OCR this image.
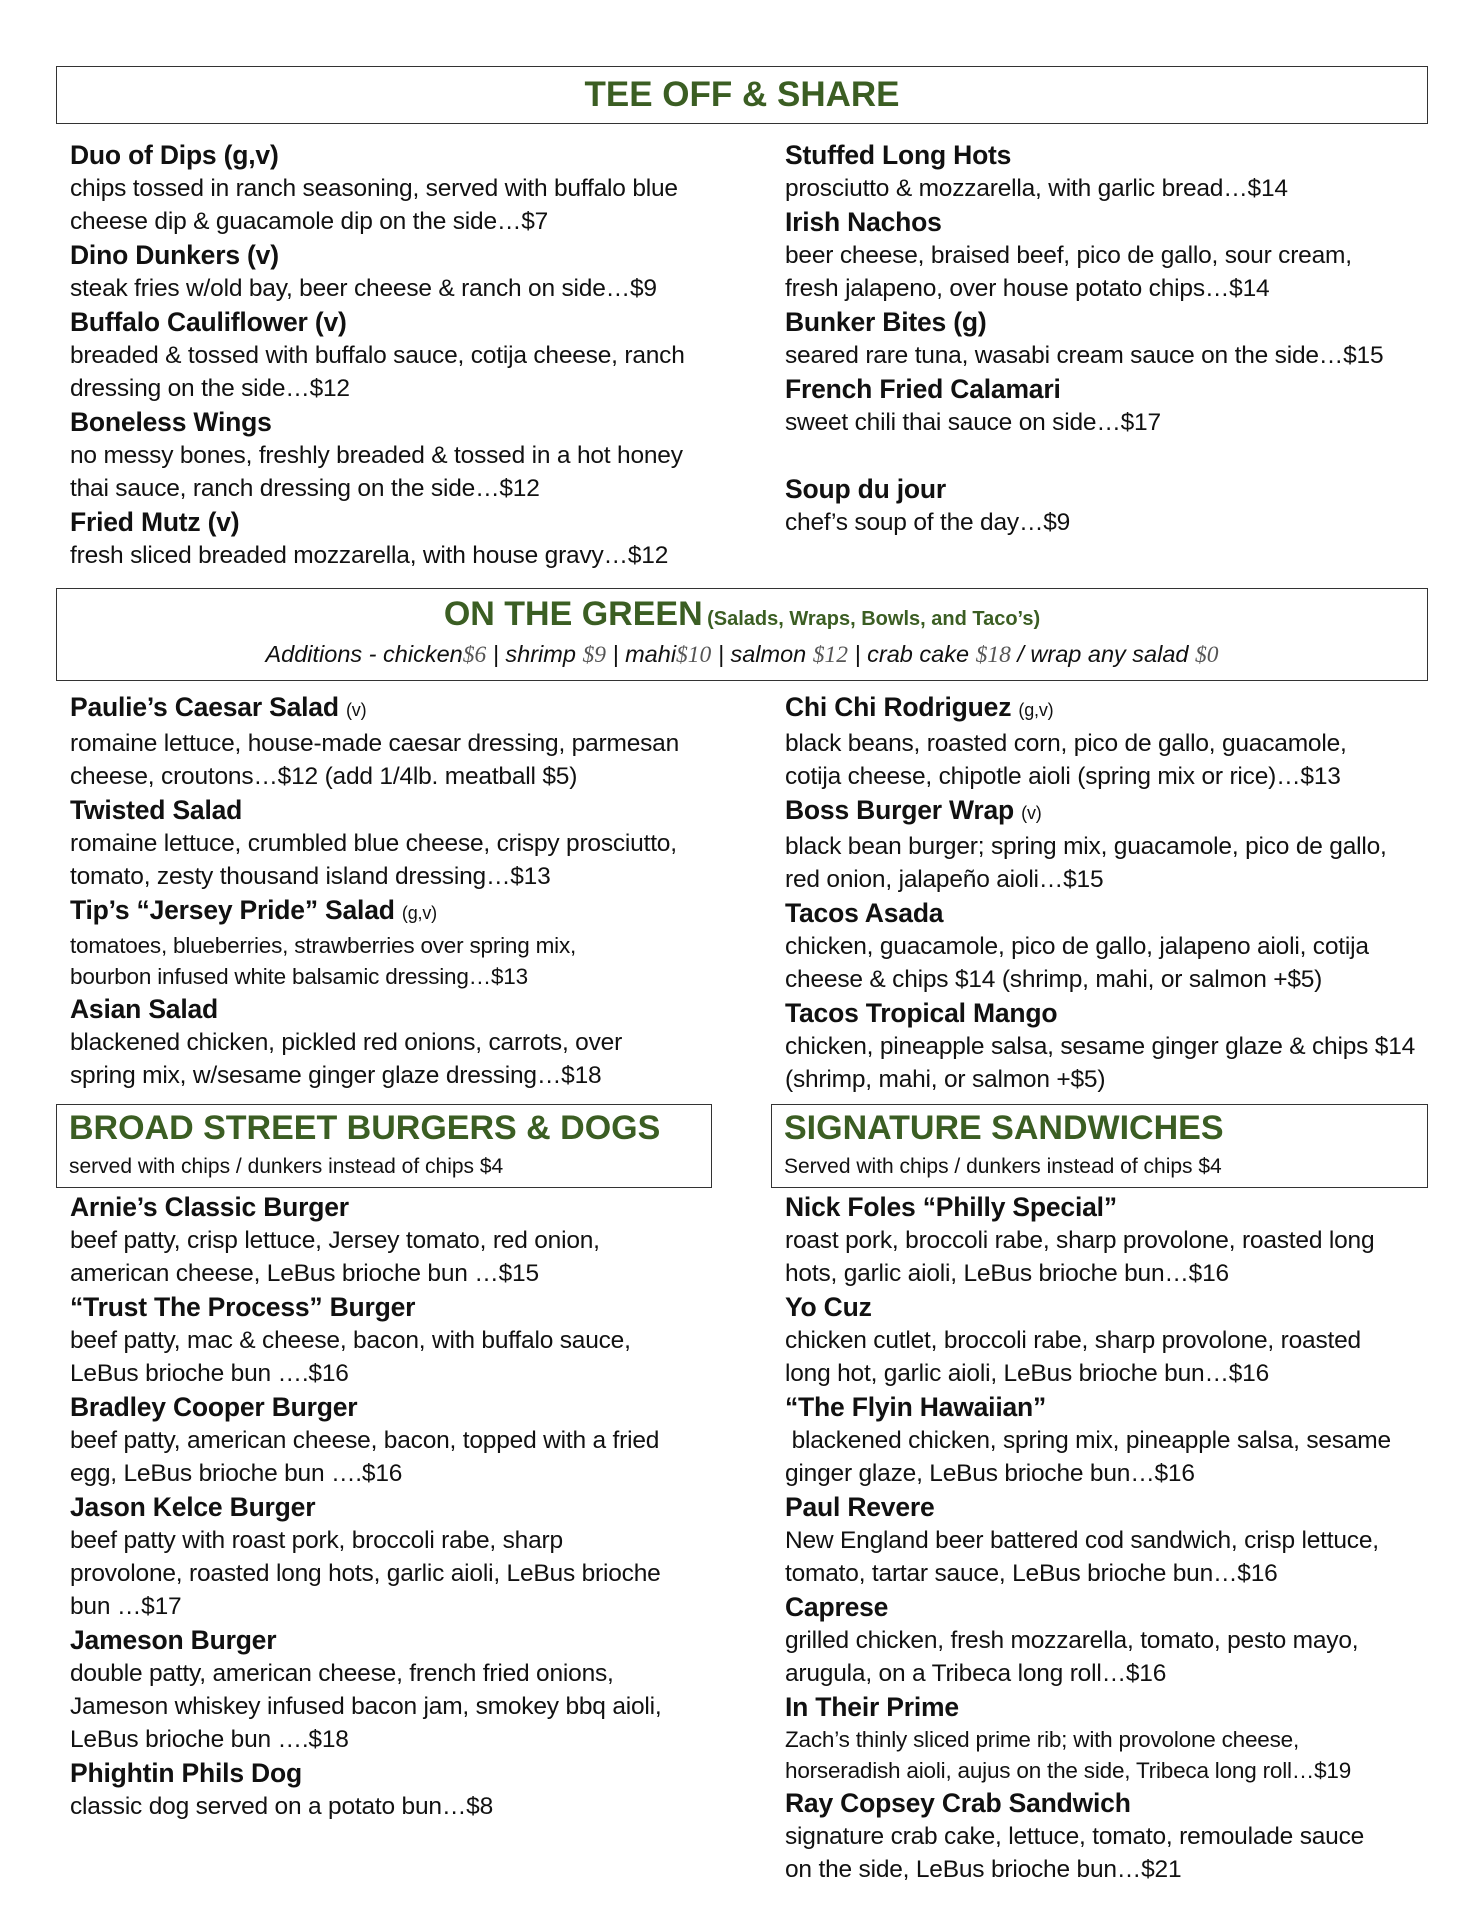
TEE OFF & SHARE
Duo of Dips (g,v)
chips tossed in ranch seasoning, served with buffalo blue
cheese dip & guacamole dip on the side…$7
Dino Dunkers (v)
steak fries w/old bay, beer cheese & ranch on side…$9
Buffalo Cauliflower (v)
breaded & tossed with buffalo sauce, cotija cheese, ranch
dressing on the side…$12
Boneless Wings
no messy bones, freshly breaded & tossed in a hot honey
thai sauce, ranch dressing on the side…$12
Fried Mutz (v)
fresh sliced breaded mozzarella, with house gravy…$12
Stuffed Long Hots
prosciutto & mozzarella, with garlic bread…$14
Irish Nachos
beer cheese, braised beef, pico de gallo, sour cream,
fresh jalapeno, over house potato chips…$14
Bunker Bites (g)
seared rare tuna, wasabi cream sauce on the side…$15
French Fried Calamari
sweet chili thai sauce on side…$17
Soup du jour
chef’s soup of the day…$9
ON THE GREEN (Salads, Wraps, Bowls, and Taco’s)
Additions - chicken$6 | shrimp $9 | mahi$10 | salmon $12 | crab cake $18 / wrap any salad $0
Paulie’s Caesar Salad (v)
romaine lettuce, house-made caesar dressing, parmesan
cheese, croutons…$12 (add 1/4lb. meatball $5)
Twisted Salad
romaine lettuce, crumbled blue cheese, crispy prosciutto,
tomato, zesty thousand island dressing…$13
Tip’s “Jersey Pride” Salad (g,v)
tomatoes, blueberries, strawberries over spring mix,
bourbon infused white balsamic dressing…$13
Asian Salad
blackened chicken, pickled red onions, carrots, over
spring mix, w/sesame ginger glaze dressing…$18
Chi Chi Rodriguez (g,v)
black beans, roasted corn, pico de gallo, guacamole,
cotija cheese, chipotle aioli (spring mix or rice)…$13
Boss Burger Wrap (v)
black bean burger; spring mix, guacamole, pico de gallo,
red onion, jalapeño aioli…$15
Tacos Asada
chicken, guacamole, pico de gallo, jalapeno aioli, cotija
cheese & chips $14 (shrimp, mahi, or salmon +$5)
Tacos Tropical Mango
chicken, pineapple salsa, sesame ginger glaze & chips $14
(shrimp, mahi, or salmon +$5)
BROAD STREET BURGERS & DOGS
served with chips / dunkers instead of chips $4
Arnie’s Classic Burger
beef patty, crisp lettuce, Jersey tomato, red onion,
american cheese, LeBus brioche bun …$15
“Trust The Process” Burger
beef patty, mac & cheese, bacon, with buffalo sauce,
LeBus brioche bun ….$16
Bradley Cooper Burger
beef patty, american cheese, bacon, topped with a fried
egg, LeBus brioche bun ….$16
Jason Kelce Burger
beef patty with roast pork, broccoli rabe, sharp
provolone, roasted long hots, garlic aioli, LeBus brioche
bun …$17
Jameson Burger
double patty, american cheese, french fried onions,
Jameson whiskey infused bacon jam, smokey bbq aioli,
LeBus brioche bun ….$18
Phightin Phils Dog
classic dog served on a potato bun…$8
SIGNATURE SANDWICHES
Served with chips / dunkers instead of chips $4
Nick Foles “Philly Special”
roast pork, broccoli rabe, sharp provolone, roasted long
hots, garlic aioli, LeBus brioche bun…$16
Yo Cuz
chicken cutlet, broccoli rabe, sharp provolone, roasted
long hot, garlic aioli, LeBus brioche bun…$16
“The Flyin Hawaiian”
blackened chicken, spring mix, pineapple salsa, sesame
ginger glaze, LeBus brioche bun…$16
Paul Revere
New England beer battered cod sandwich, crisp lettuce,
tomato, tartar sauce, LeBus brioche bun…$16
Caprese
grilled chicken, fresh mozzarella, tomato, pesto mayo,
arugula, on a Tribeca long roll…$16
In Their Prime
Zach’s thinly sliced prime rib; with provolone cheese,
horseradish aioli, aujus on the side, Tribeca long roll…$19
Ray Copsey Crab Sandwich
signature crab cake, lettuce, tomato, remoulade sauce
on the side, LeBus brioche bun…$21
